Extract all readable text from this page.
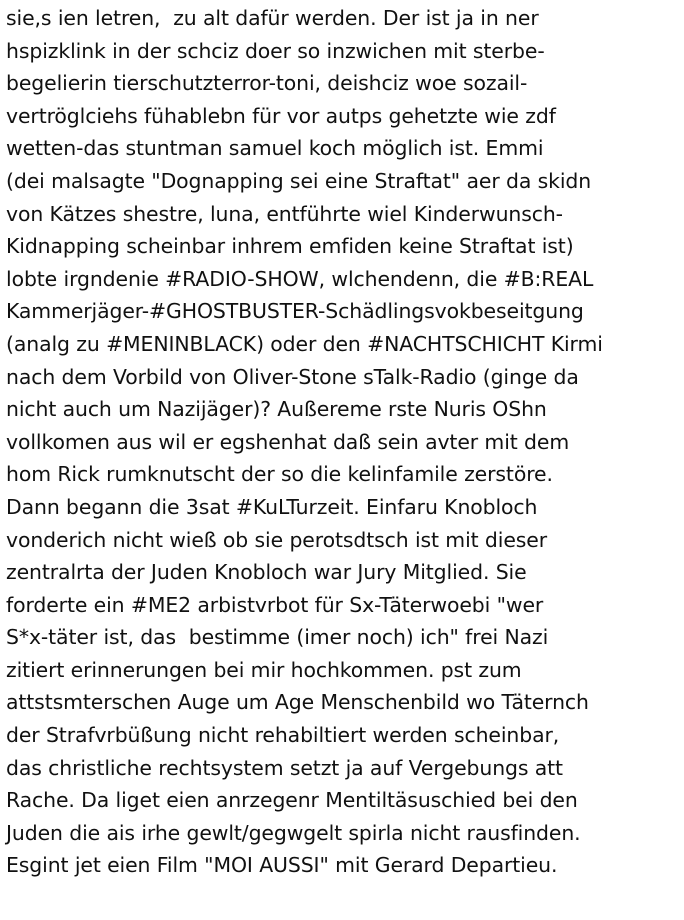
sie,s ien letren,  zu alt dafür werden. Der ist ja in ner
hspizklink in der schciz doer so inzwichen mit sterbe-
begelierin tierschutzterror-toni, deishciz woe sozail-
vertröglciehs fühablebn für vor autps gehetzte wie zdf
wetten-das stuntman samuel koch möglich ist. Emmi
(dei malsagte "Dognapping sei eine Straftat" aer da skidn
von Kätzes shestre, luna, entführte wiel Kinderwunsch-
Kidnapping scheinbar inhrem emfiden keine Straftat ist)
lobte irgndenie #RADIO-SHOW, wlchendenn, die #B:REAL
Kammerjäger-#GHOSTBUSTER-Schädlingsvokbeseitgung
(analg zu #MENINBLACK) oder den #NACHTSCHICHT Kirmi
nach dem Vorbild von Oliver-Stone sTalk-Radio (ginge da
nicht auch um Nazijäger)? Außereme rste Nuris OShn
vollkomen aus wil er egshenhat daß sein avter mit dem
hom Rick rumknutscht der so die kelinfamile zerstöre.
Dann begann die 3sat #KuLTurzeit. Einfaru Knobloch
vonderich nicht wieß ob sie perotsdtsch ist mit dieser
zentralrta der Juden Knobloch war Jury Mitglied. Sie
forderte ein #ME2 arbistvrbot für Sx-Täterwoebi "wer
S*x-täter ist, das  bestimme (imer noch) ich" frei Nazi
zitiert erinnerungen bei mir hochkommen. pst zum
attstsmterschen Auge um Age Menschenbild wo Täternch
der Strafvrbüßung nicht rehabiltiert werden scheinbar,
das christliche rechtsystem setzt ja auf Vergebungs att
Rache. Da liget eien anrzegenr Mentiltäsuschied bei den
Juden die ais irhe gewlt/gegwgelt spirla nicht rausfinden.
Esgint jet eien Film "MOI AUSSI" mit Gerard Departieu.
